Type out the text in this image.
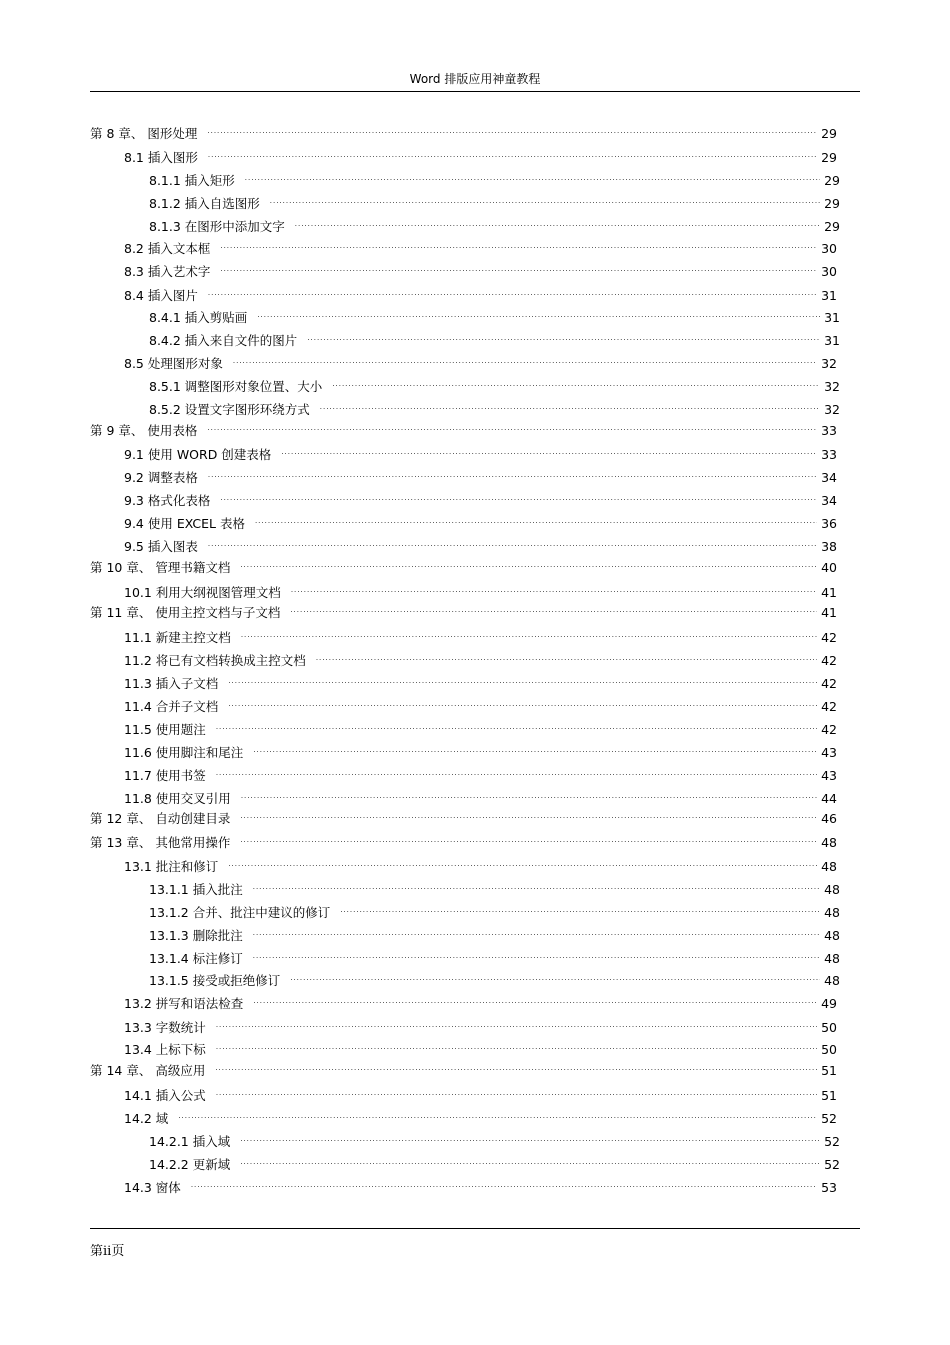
Word 排版应用神童教程
第 8 章、 图形处理 .....	29
8.1 插入图形 .....	29
8.1.1 插入矩形 .....	29
8.1.2 插入自选图形 .....	29
8.1.3 在图形中添加文字 .....	29
8.2 插入文本框 .....	30
8.3 插入艺术字 .....	30
8.4 插入图片 .....	31
8.4.1 插入剪贴画 .....	31
8.4.2 插入来自文件的图片 .....	31
8.5 处理图形对象 .....	32
8.5.1 调整图形对象位置、大小 .....	32
8.5.2 设置文字图形环绕方式 .....	32
第 9 章、 使用表格 .....	33
9.1 使用 WORD 创建表格 .....	33
9.2 调整表格 .....	34
9.3 格式化表格 .....	34
9.4 使用 EXCEL 表格 .....	36
9.5 插入图表 .....	38
第 10 章、 管理书籍文档 .....	40
10.1 利用大纲视图管理文档 .....	41
第 11 章、 使用主控文档与子文档 .....	41
11.1 新建主控文档 .....	42
11.2 将已有文档转换成主控文档 .....	42
11.3 插入子文档 .....	42
11.4 合并子文档 .....	42
11.5 使用题注 .....	42
11.6 使用脚注和尾注 .....	43
11.7 使用书签 .....	43
11.8 使用交叉引用 .....	44
第 12 章、 自动创建目录 .....	46
第 13 章、 其他常用操作 .....	48
13.1 批注和修订 .....	48
13.1.1 插入批注 .....	48
13.1.2 合并、批注中建议的修订 .....	48
13.1.3 删除批注 .....	48
13.1.4 标注修订 .....	48
13.1.5 接受或拒绝修订 .....	48
13.2 拼写和语法检查 .....	49
13.3 字数统计 .....	50
13.4 上标下标 .....	50
第 14 章、 高级应用 .....	51
14.1 插入公式 .....	51
14.2 域 .....	52
14.2.1 插入域 .....	52
14.2.2 更新域 .....	52
14.3 窗体 .....	53
第ii页
